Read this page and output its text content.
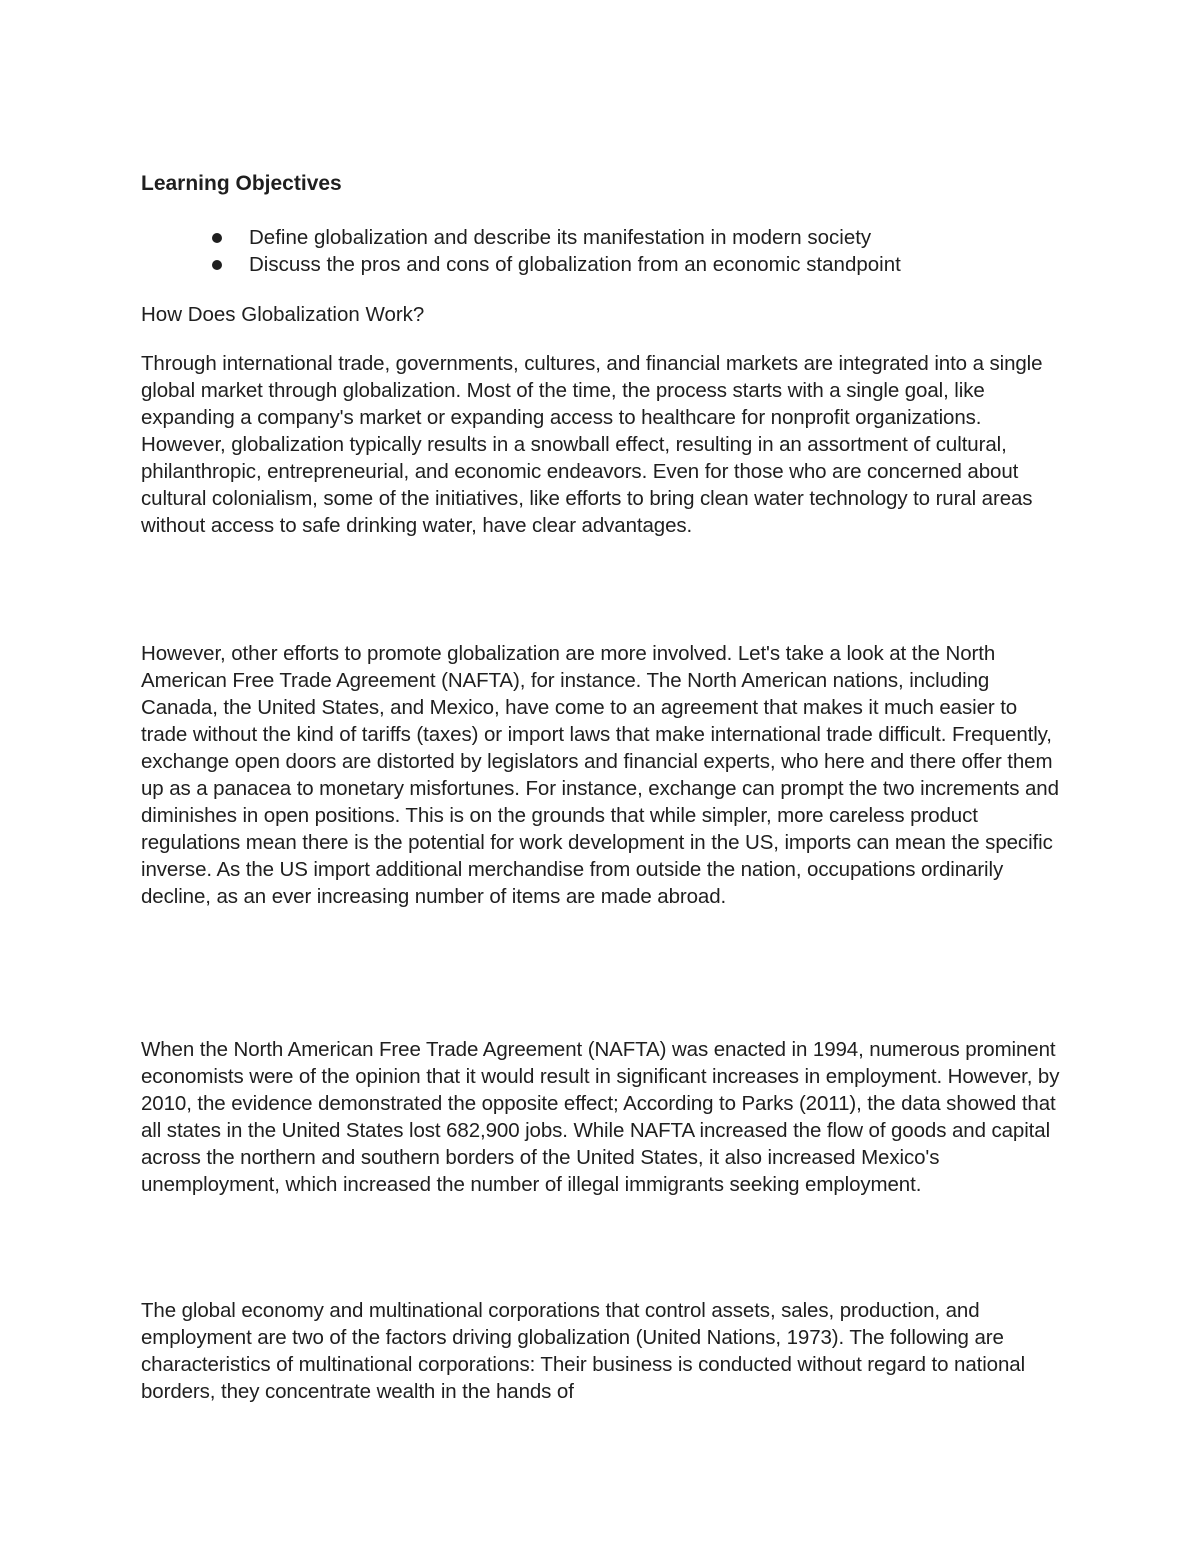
Learning Objectives
Define globalization and describe its manifestation in modern society
Discuss the pros and cons of globalization from an economic standpoint
How Does Globalization Work?

Through international trade, governments, cultures, and financial markets are integrated into a single global market through globalization. Most of the time, the process starts with a single goal, like expanding a company's market or expanding access to healthcare for nonprofit organizations. However, globalization typically results in a snowball effect, resulting in an assortment of cultural, philanthropic, entrepreneurial, and economic endeavors. Even for those who are concerned about cultural colonialism, some of the initiatives, like efforts to bring clean water technology to rural areas without access to safe drinking water, have clear advantages.

However, other efforts to promote globalization are more involved. Let's take a look at the North American Free Trade Agreement (NAFTA), for instance. The North American nations, including Canada, the United States, and Mexico, have come to an agreement that makes it much easier to trade without the kind of tariffs (taxes) or import laws that make international trade difficult. Frequently, exchange open doors are distorted by legislators and financial experts, who here and there offer them up as a panacea to monetary misfortunes. For instance, exchange can prompt the two increments and diminishes in open positions. This is on the grounds that while simpler, more careless product regulations mean there is the potential for work development in the US, imports can mean the specific inverse. As the US import additional merchandise from outside the nation, occupations ordinarily decline, as an ever increasing number of items are made abroad.

When the North American Free Trade Agreement (NAFTA) was enacted in 1994, numerous prominent economists were of the opinion that it would result in significant increases in employment. However, by 2010, the evidence demonstrated the opposite effect; According to Parks (2011), the data showed that all states in the United States lost 682,900 jobs. While NAFTA increased the flow of goods and capital across the northern and southern borders of the United States, it also increased Mexico's unemployment, which increased the number of illegal immigrants seeking employment.

The global economy and multinational corporations that control assets, sales, production, and employment are two of the factors driving globalization (United Nations, 1973). The following are characteristics of multinational corporations: Their business is conducted without regard to national borders, they concentrate wealth in the hands of
